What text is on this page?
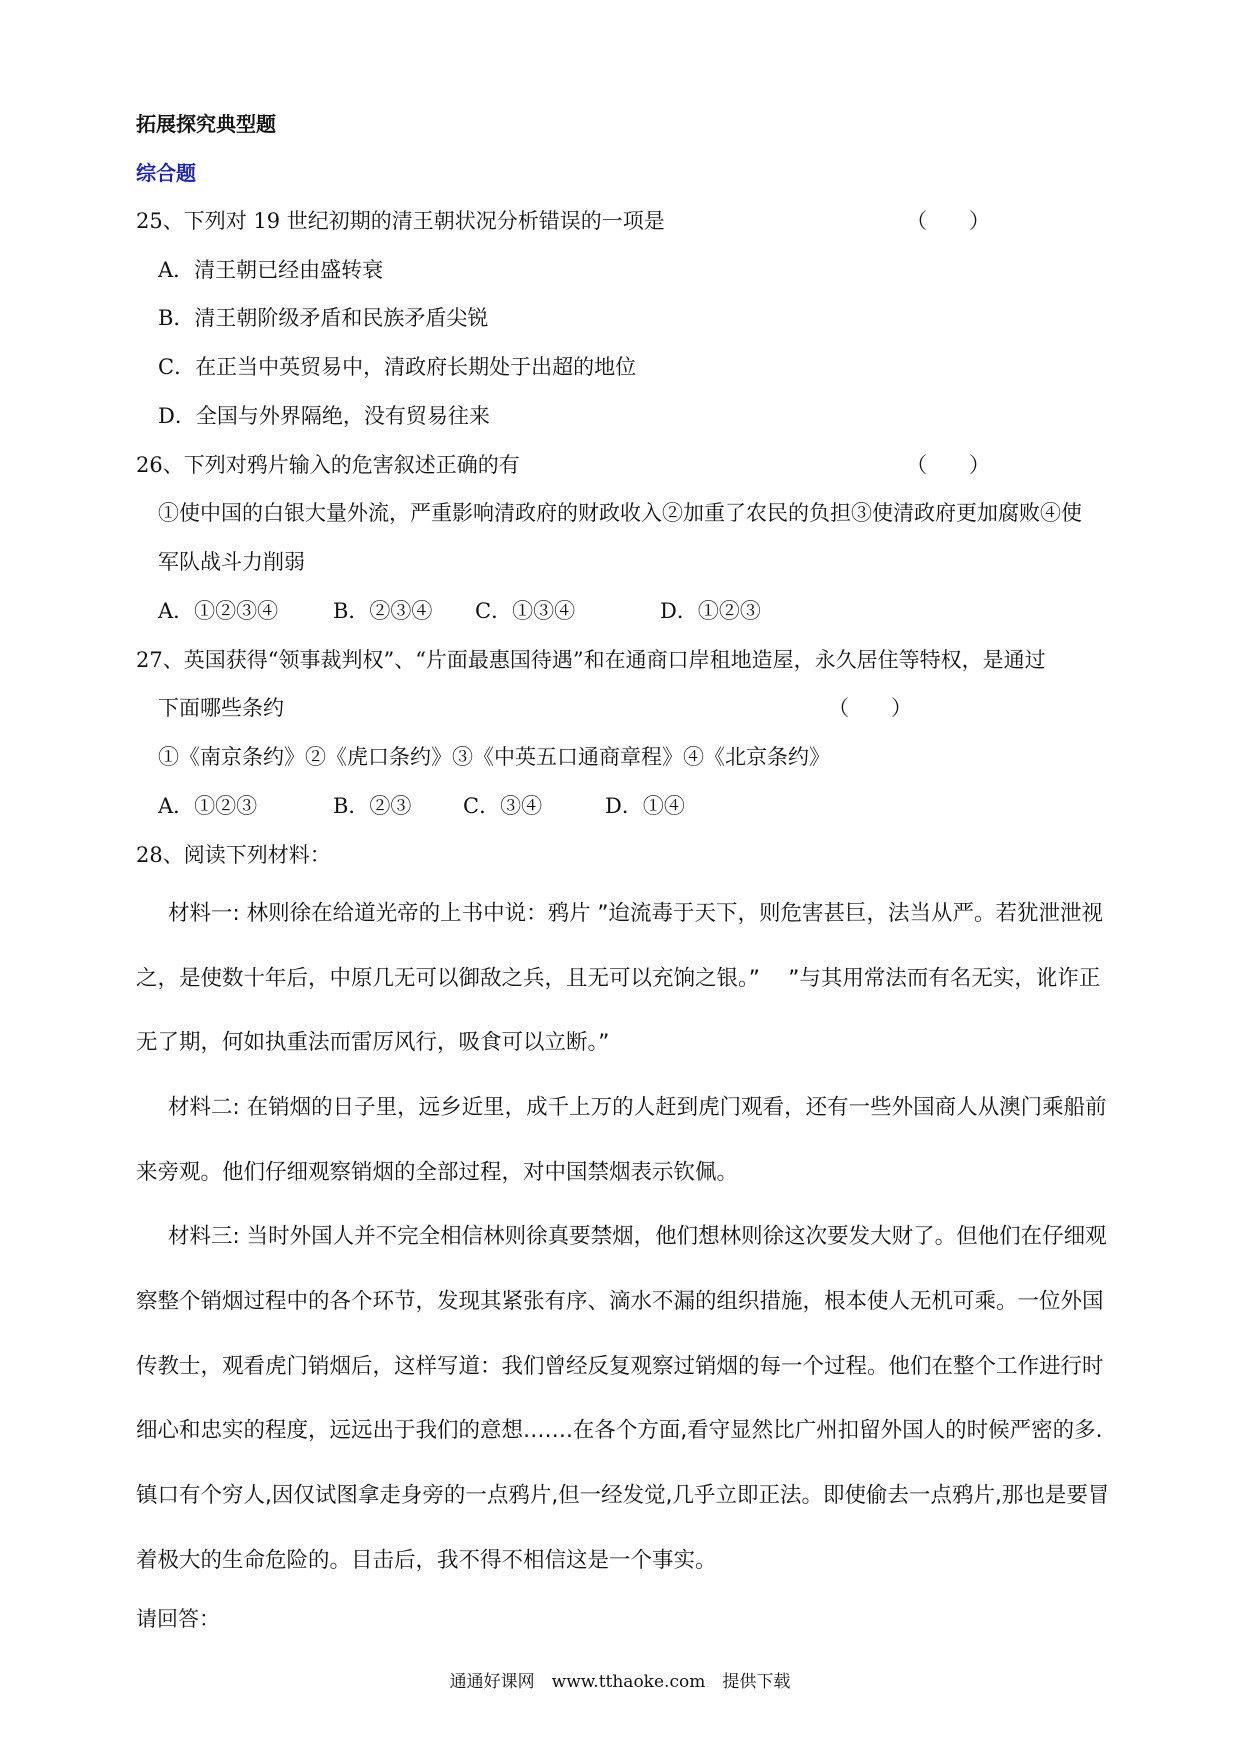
拓展探究典型题
综合题
25、下列对 19 世纪初期的清王朝状况分析错误的一项是	（　　）
A．清王朝已经由盛转衰
B．清王朝阶级矛盾和民族矛盾尖锐
C．在正当中英贸易中，清政府长期处于出超的地位
D．全国与外界隔绝，没有贸易往来
26、下列对鸦片输入的危害叙述正确的有	（　　）
①使中国的白银大量外流，严重影响清政府的财政收入②加重了农民的负担③使清政府更加腐败④使
军队战斗力削弱
A．①②③④	B．②③④ C．①③④	D．①②③
27、英国获得“领事裁判权”、“片面最惠国待遇”和在通商口岸租地造屋，永久居住等特权，是通过
下面哪些条约	（　　）
①《南京条约》②《虎口条约》③《中英五口通商章程》④《北京条约》
A．①②③	B．②③ C．③④	D．①④
28、阅读下列材料：
材料一: 林则徐在给道光帝的上书中说：鸦片 ”迨流毒于天下，则危害甚巨，法当从严。若犹泄泄视
之，是使数十年后，中原几无可以御敌之兵，且无可以充饷之银。”　 ”与其用常法而有名无实，讹诈正
无了期，何如执重法而雷厉风行，吸食可以立断。”
材料二: 在销烟的日子里，远乡近里，成千上万的人赶到虎门观看，还有一些外国商人从澳门乘船前
来旁观。他们仔细观察销烟的全部过程，对中国禁烟表示钦佩。
材料三: 当时外国人并不完全相信林则徐真要禁烟，他们想林则徐这次要发大财了。但他们在仔细观
察整个销烟过程中的各个环节，发现其紧张有序、滴水不漏的组织措施，根本使人无机可乘。一位外国
传教士，观看虎门销烟后，这样写道：我们曾经反复观察过销烟的每一个过程。他们在整个工作进行时
细心和忠实的程度，远远出于我们的意想…….在各个方面,看守显然比广州扣留外国人的时候严密的多.
镇口有个穷人,因仅试图拿走身旁的一点鸦片,但一经发觉,几乎立即正法。即使偷去一点鸦片,那也是要冒
着极大的生命危险的。目击后，我不得不相信这是一个事实。
请回答：
通通好课网　www.tthaoke.com　提供下载
